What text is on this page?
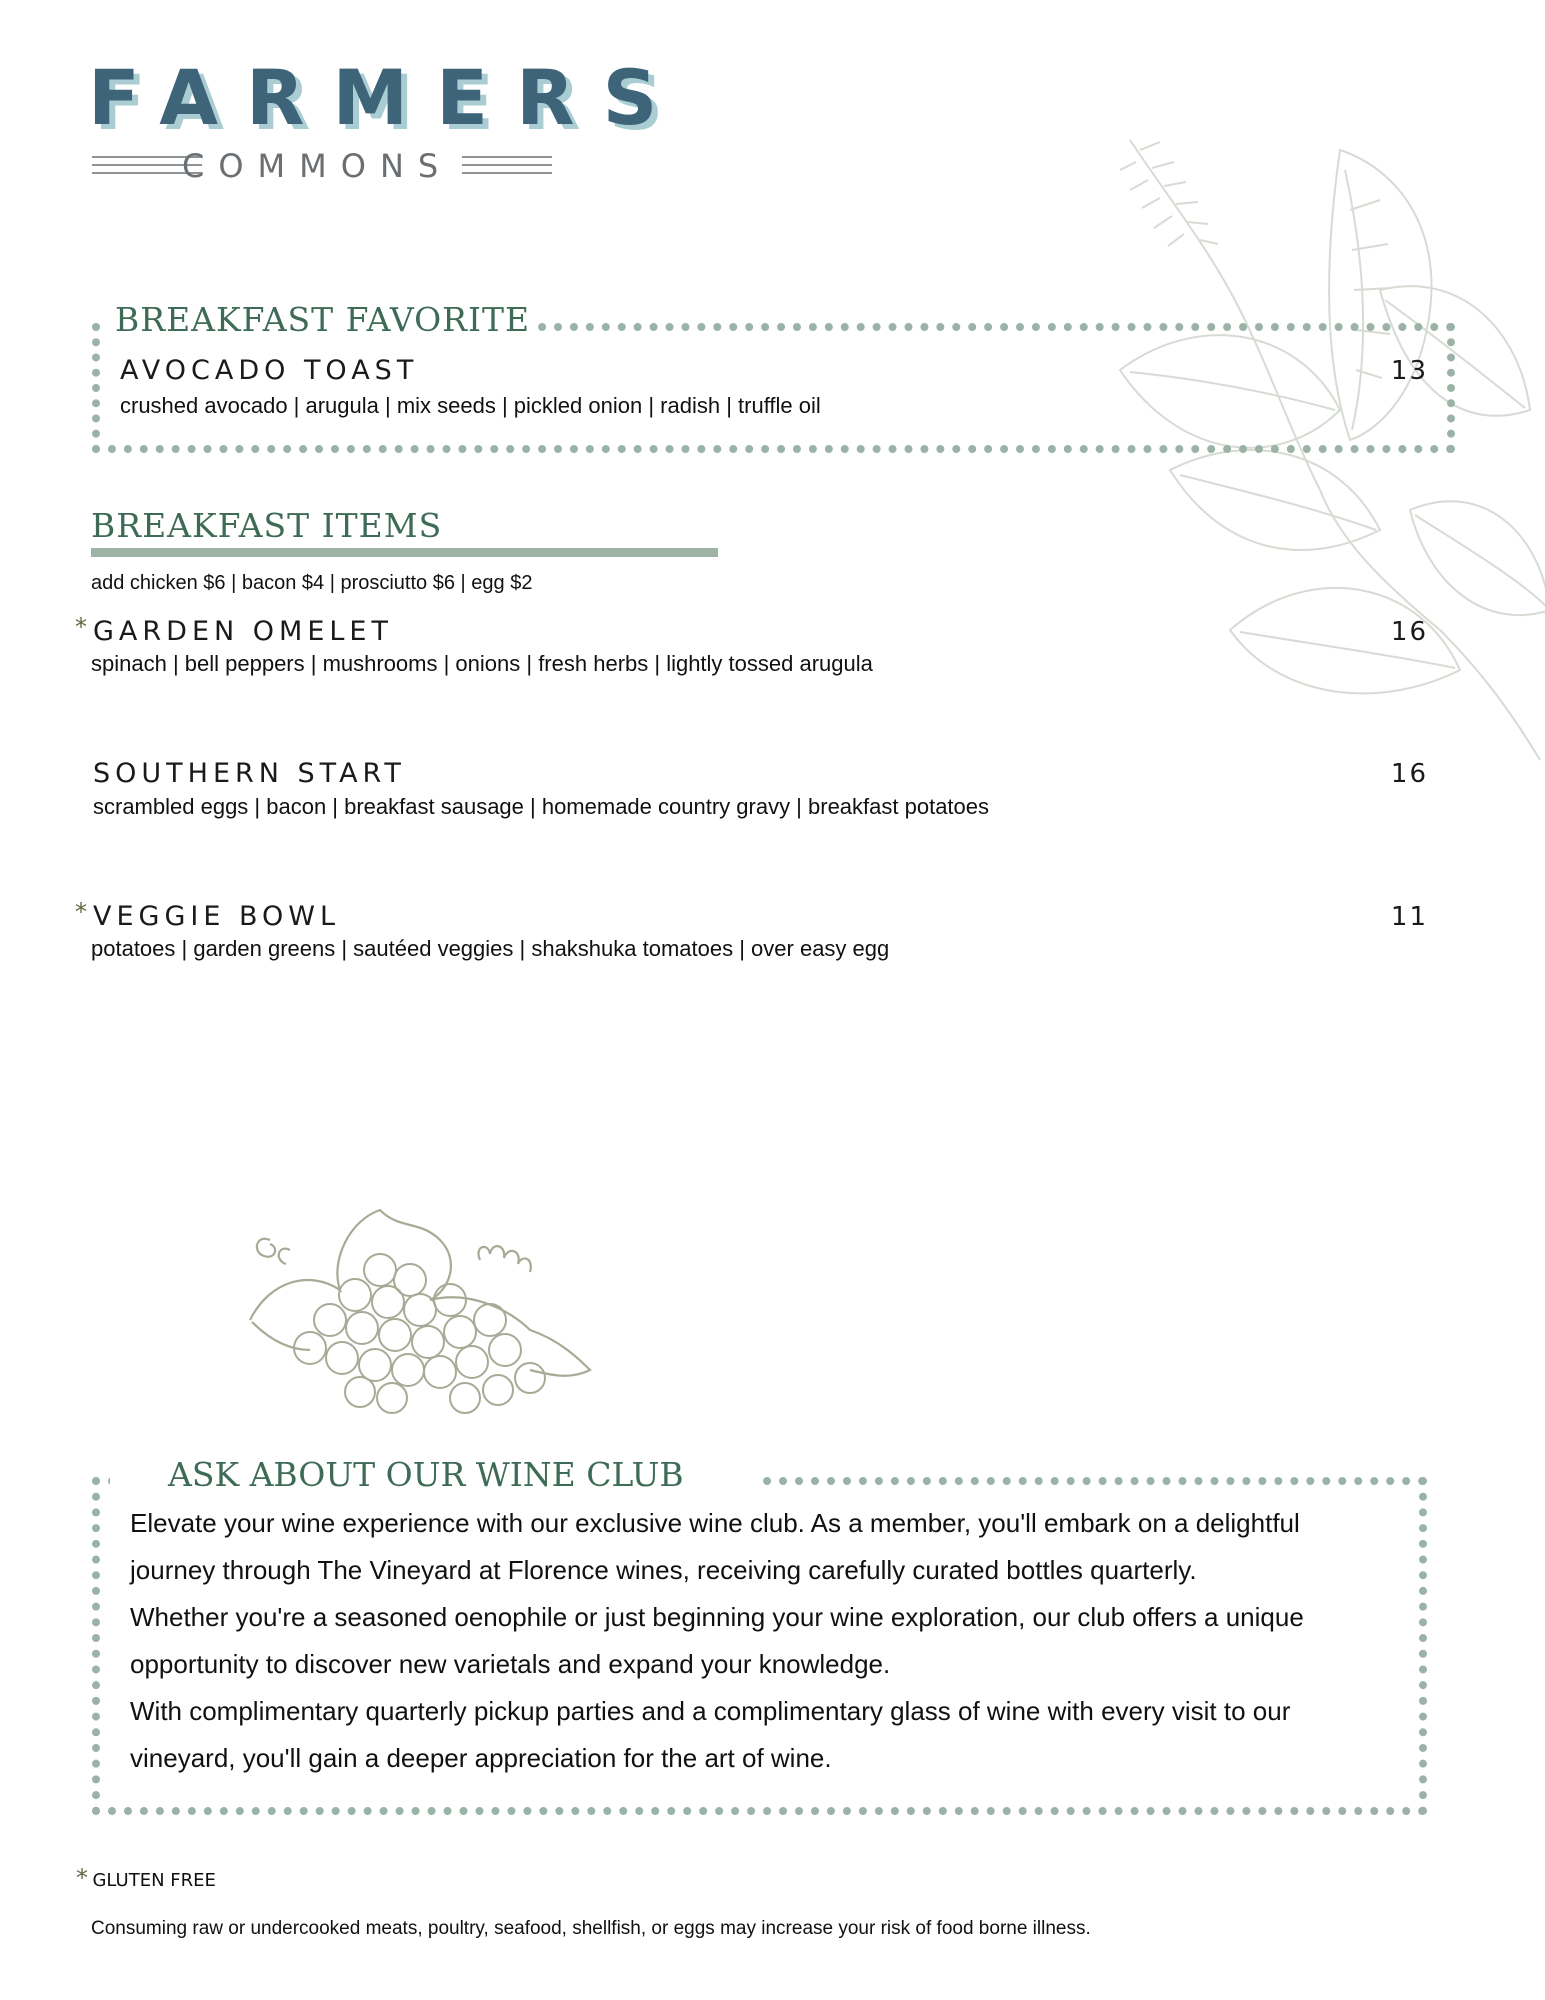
FARMERS
COMMONS
BREAKFAST FAVORITE
AVOCADO TOAST	13
crushed avocado | arugula | mix seeds | pickled onion | radish | truffle oil
BREAKFAST ITEMS
add chicken $6 | bacon $4 | prosciutto $6 | egg $2
* GARDEN OMELET	16
spinach | bell peppers | mushrooms | onions | fresh herbs | lightly tossed arugula
SOUTHERN START	16
scrambled eggs | bacon | breakfast sausage | homemade country gravy | breakfast potatoes
* VEGGIE BOWL	11
potatoes | garden greens | sautéed veggies | shakshuka tomatoes | over easy egg
ASK ABOUT OUR WINE CLUB

Elevate your wine experience with our exclusive wine club. As a member, you'll embark on a delightful

journey through The Vineyard at Florence wines, receiving carefully curated bottles quarterly.

Whether you're a seasoned oenophile or just beginning your wine exploration, our club offers a unique

opportunity to discover new varietals and expand your knowledge.

With complimentary quarterly pickup parties and a complimentary glass of wine with every visit to our

vineyard, you'll gain a deeper appreciation for the art of wine.

* GLUTEN FREE
Consuming raw or undercooked meats, poultry, seafood, shellfish, or eggs may increase your risk of food borne illness.
